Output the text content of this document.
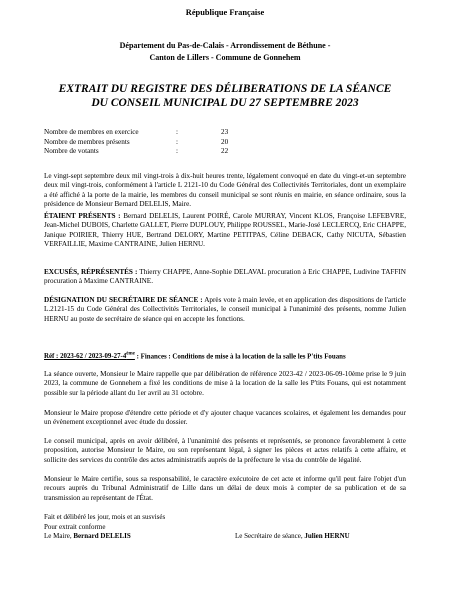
République Française
Département du Pas-de-Calais - Arrondissement de Béthune -
Canton de Lillers - Commune de Gonnehem
EXTRAIT DU REGISTRE DES DÉLIBERATIONS DE LA SÉANCE
DU CONSEIL MUNICIPAL DU 27 SEPTEMBRE 2023
Nombre de membres en exercice	:	23
Nombre de membres présents	:	20
Nombre de votants	:	22

Le vingt-sept septembre deux mil vingt-trois à dix-huit heures trente, légalement convoqué en date du vingt-et-un septembre deux mil vingt-trois, conformément à l'article L 2121-10 du Code Général des Collectivités Territoriales, dont un exemplaire a été affiché à la porte de la mairie, les membres du conseil municipal se sont réunis en mairie, en séance ordinaire, sous la présidence de Monsieur Bernard DELELIS, Maire.

ÉTAIENT PRÉSENTS : Bernard DELELIS, Laurent POIRÉ, Carole MURRAY, Vincent KLOS, Françoise LEFEBVRE, Jean-Michel DUBOIS, Charlette GALLET, Pierre DUPLOUY, Philippe ROUSSEL, Marie-José LECLERCQ, Eric CHAPPE, Janique POIRIER, Thierry HUE, Bertrand DELORY, Martine PETITPAS, Céline DEBACK, Cathy NICUTA, Sébastien VERFAILLIE, Maxime CANTRAINE, Julien HERNU.

EXCUSÉS, RÉPRÉSENTÉS : Thierry CHAPPE, Anne-Sophie DELAVAL procuration à Eric CHAPPE, Ludivine TAFFIN procuration à Maxime CANTRAINE.

DÉSIGNATION DU SECRÉTAIRE DE SÉANCE : Après vote à main levée, et en application des dispositions de l'article L.2121-15 du Code Général des Collectivités Territoriales, le conseil municipal à l'unanimité des présents, nomme Julien HERNU au poste de secrétaire de séance qui en accepte les fonctions.

Réf : 2023-62 / 2023-09-27-4ème : Finances : Conditions de mise à la location de la salle les P'tits Fouans

La séance ouverte, Monsieur le Maire rappelle que par délibération de référence 2023-42 / 2023-06-09-10ème prise le 9 juin 2023, la commune de Gonnehem a fixé les conditions de mise à la location de la salle les P'tits Fouans, qui est notamment possible sur la période allant du 1er avril au 31 octobre.

Monsieur le Maire propose d'étendre cette période et d'y ajouter chaque vacances scolaires, et également les demandes pour un évènement exceptionnel avec étude du dossier.

Le conseil municipal, après en avoir délibéré, à l'unanimité des présents et représentés, se prononce favorablement à cette proposition, autorise Monsieur le Maire, ou son représentant légal, à signer les pièces et actes relatifs à cette affaire, et sollicite des services du contrôle des actes administratifs auprès de la préfecture le visa du contrôle de légalité.

Monsieur le Maire certifie, sous sa responsabilité, le caractère exécutoire de cet acte et informe qu'il peut faire l'objet d'un recours auprès du Tribunal Administratif de Lille dans un délai de deux mois à compter de sa publication et de sa transmission au représentant de l'État.

Fait et délibéré les jour, mois et an susvisés
Pour extrait conforme
Le Maire, Bernard DELELIS	Le Secrétaire de séance, Julien HERNU
